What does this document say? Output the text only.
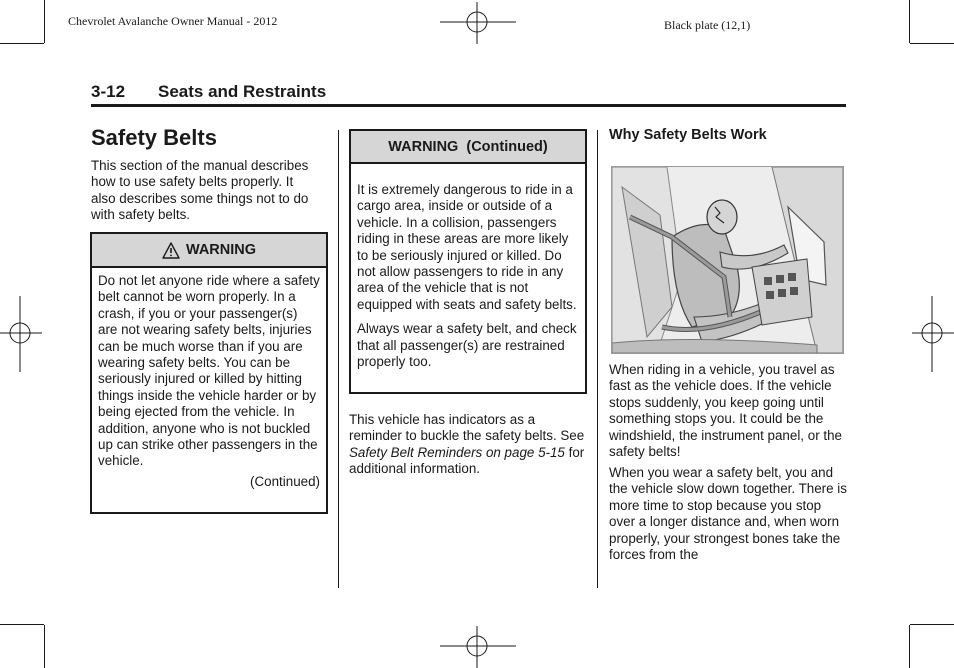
Chevrolet Avalanche Owner Manual - 2012	Black plate (12,1)
3-12 Seats and Restraints
Safety Belts

This section of the manual describes how to use safety belts properly. It also describes some things not to do with safety belts.

WARNING

Do not let anyone ride where a safety belt cannot be worn properly. In a crash, if you or your passenger(s) are not wearing safety belts, injuries can be much worse than if you are wearing safety belts. You can be seriously injured or killed by hitting things inside the vehicle harder or by being ejected from the vehicle. In addition, anyone who is not buckled up can strike other passengers in the vehicle.

(Continued)
WARNING  (Continued)

It is extremely dangerous to ride in a cargo area, inside or outside of a vehicle. In a collision, passengers riding in these areas are more likely to be seriously injured or killed. Do not allow passengers to ride in any area of the vehicle that is not equipped with seats and safety belts.

Always wear a safety belt, and check that all passenger(s) are restrained properly too.

This vehicle has indicators as a reminder to buckle the safety belts. See Safety Belt Reminders on page 5-15 for additional information.

Why Safety Belts Work

When riding in a vehicle, you travel as fast as the vehicle does. If the vehicle stops suddenly, you keep going until something stops you. It could be the windshield, the instrument panel, or the safety belts!

When you wear a safety belt, you and the vehicle slow down together. There is more time to stop because you stop over a longer distance and, when worn properly, your strongest bones take the forces from the
